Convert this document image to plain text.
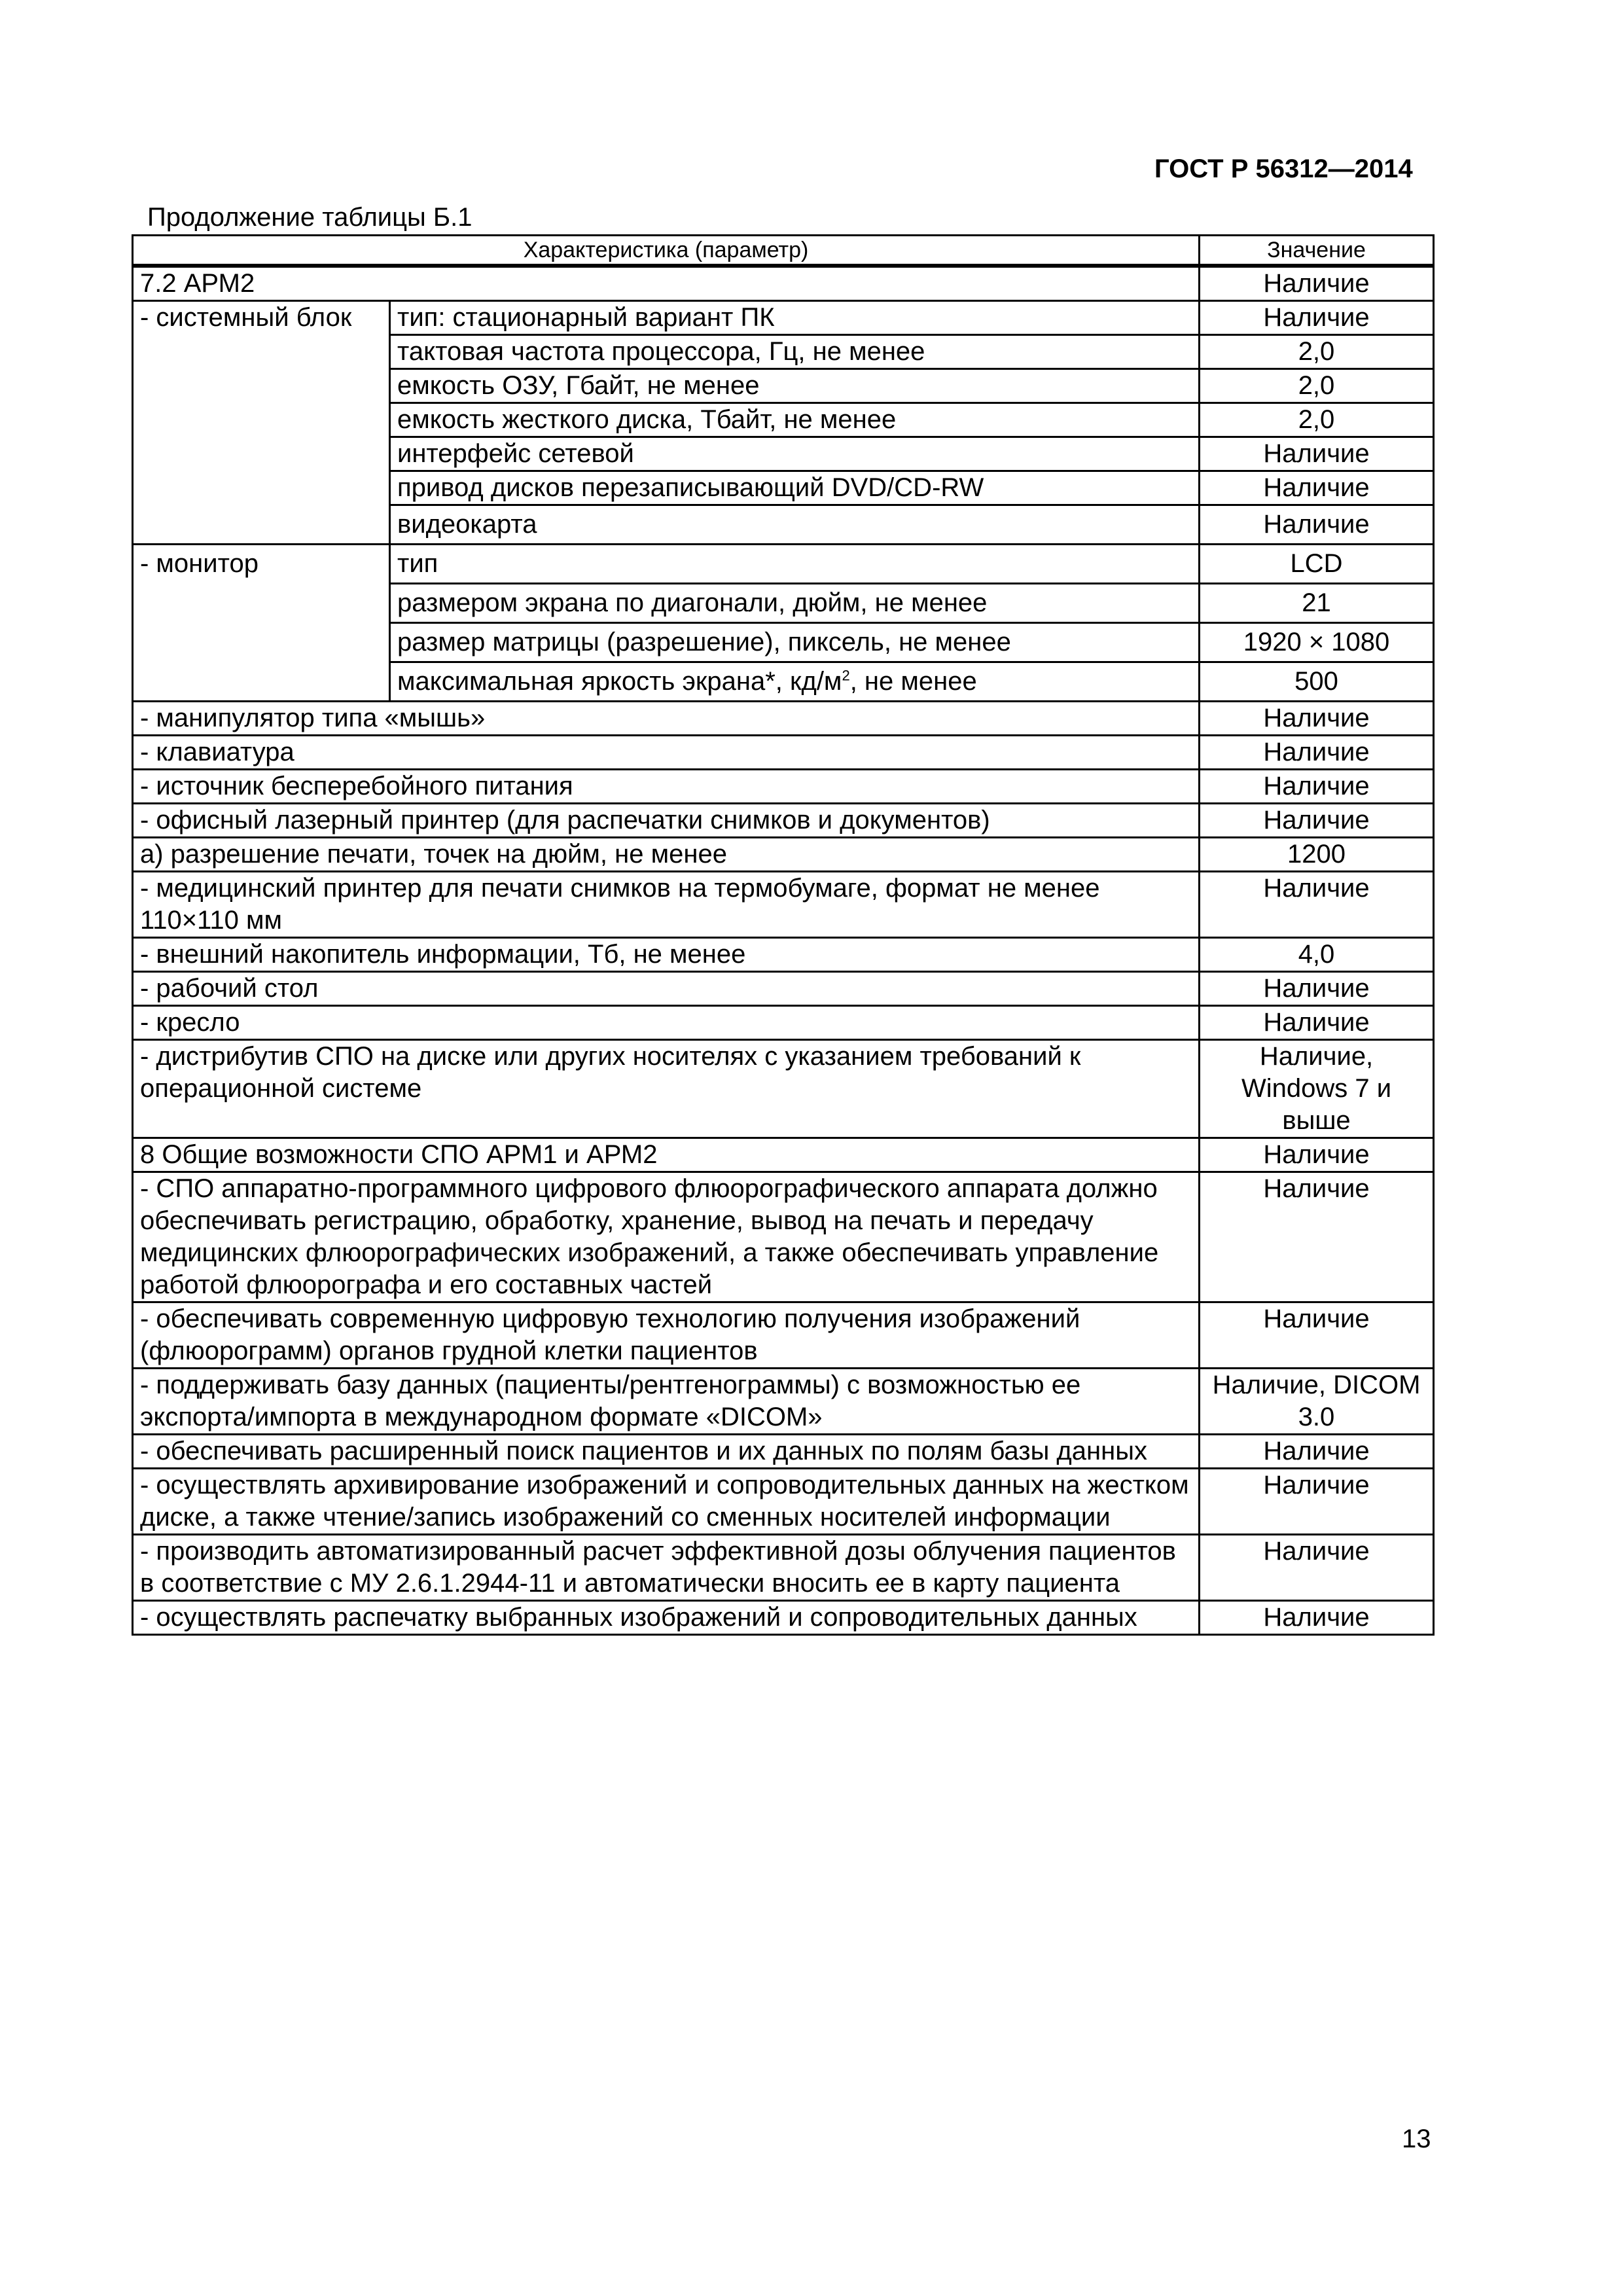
ГОСТ Р 56312—2014
Продолжение таблицы Б.1
Характеристика (параметр)		Значение
7.2 АРМ2		Наличие
- системный блок	тип: стационарный вариант ПК	Наличие
	тактовая частота процессора, Гц, не менее	2,0
	емкость ОЗУ, Гбайт, не менее	2,0
	емкость жесткого диска, Тбайт, не менее	2,0
	интерфейс сетевой	Наличие
	привод дисков перезаписывающий DVD/CD-RW	Наличие
	видеокарта	Наличие
- монитор	тип	LCD
	размером экрана по диагонали, дюйм, не менее	21
	размер матрицы (разрешение), пиксель, не менее	1920 × 1080
	максимальная яркость экрана*, $кд/м^2$, не менее	500
- манипулятор типа «мышь»		Наличие
- клавиатура		Наличие
- источник бесперебойного питания		Наличие
- офисный лазерный принтер (для распечатки снимков и документов)		Наличие
а) разрешение печати, точек на дюйм, не менее		1200
- медицинский принтер для печати снимков на термобумаге, формат не менее 110×110 мм		Наличие
- внешний накопитель информации, Тб, не менее		4,0
- рабочий стол		Наличие
- кресло		Наличие
- дистрибутив СПО на диске или других носителях с указанием требований к операционной системе		Наличие, Windows 7 и выше
8 Общие возможности СПО АРМ1 и АРМ2		Наличие
- СПО аппаратно-программного цифрового флюорографического аппарата должно обеспечивать регистрацию, обработку, хранение, вывод на печать и передачу медицинских флюорографических изображений, а также обеспечивать управление работой флюорографа и его составных частей		Наличие
- обеспечивать современную цифровую технологию получения изображений (флюорограмм) органов грудной клетки пациентов		Наличие
- поддерживать базу данных (пациенты/рентгенограммы) с возможностью ее экспорта/импорта в международном формате «DICOM»		Наличие, DICOM 3.0
- обеспечивать расширенный поиск пациентов и их данных по полям базы данных		Наличие
- осуществлять архивирование изображений и сопроводительных данных на жестком диске, а также чтение/запись изображений со сменных носителей информации		Наличие
- производить автоматизированный расчет эффективной дозы облучения пациентов в соответствие с МУ 2.6.1.2944-11 и автоматически вносить ее в карту пациента		Наличие
- осуществлять распечатку выбранных изображений и сопроводительных данных		Наличие
13
